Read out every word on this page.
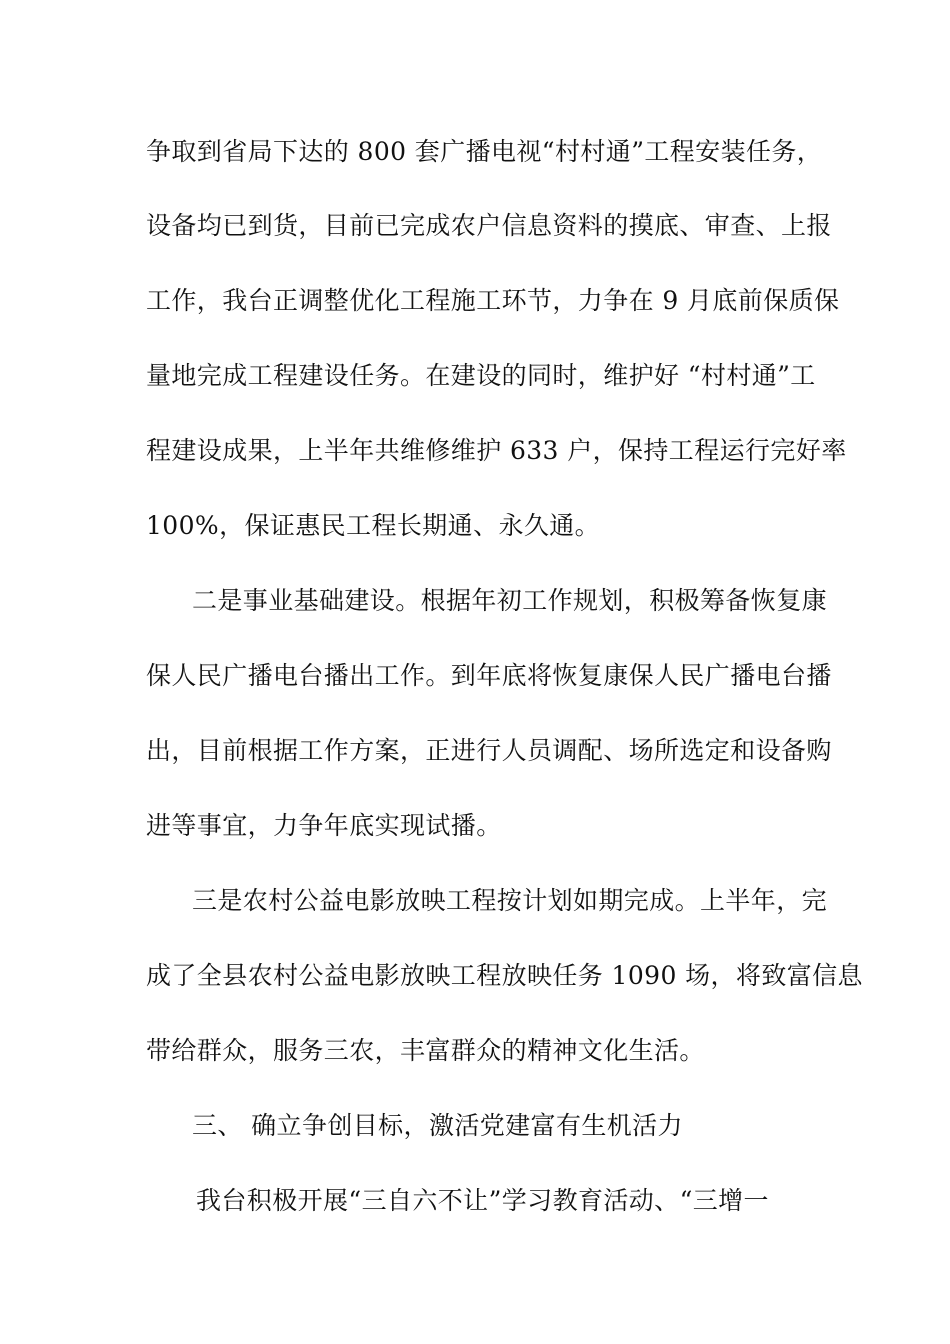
争取到省局下达的 800 套广播电视“村村通”工程安装任务，
设备均已到货，目前已完成农户信息资料的摸底、审查、上报
工作，我台正调整优化工程施工环节，力争在 9 月底前保质保
量地完成工程建设任务。在建设的同时，维护好 “村村通”工
程建设成果，上半年共维修维护 633 户，保持工程运行完好率
100%，保证惠民工程长期通、永久通。
二是事业基础建设。根据年初工作规划，积极筹备恢复康
保人民广播电台播出工作。到年底将恢复康保人民广播电台播
出，目前根据工作方案，正进行人员调配、场所选定和设备购
进等事宜，力争年底实现试播。
三是农村公益电影放映工程按计划如期完成。上半年，完
成了全县农村公益电影放映工程放映任务 1090 场，将致富信息
带给群众，服务三农，丰富群众的精神文化生活。
三、 确立争创目标，激活党建富有生机活力
我台积极开展“三自六不让”学习教育活动、“三增一
